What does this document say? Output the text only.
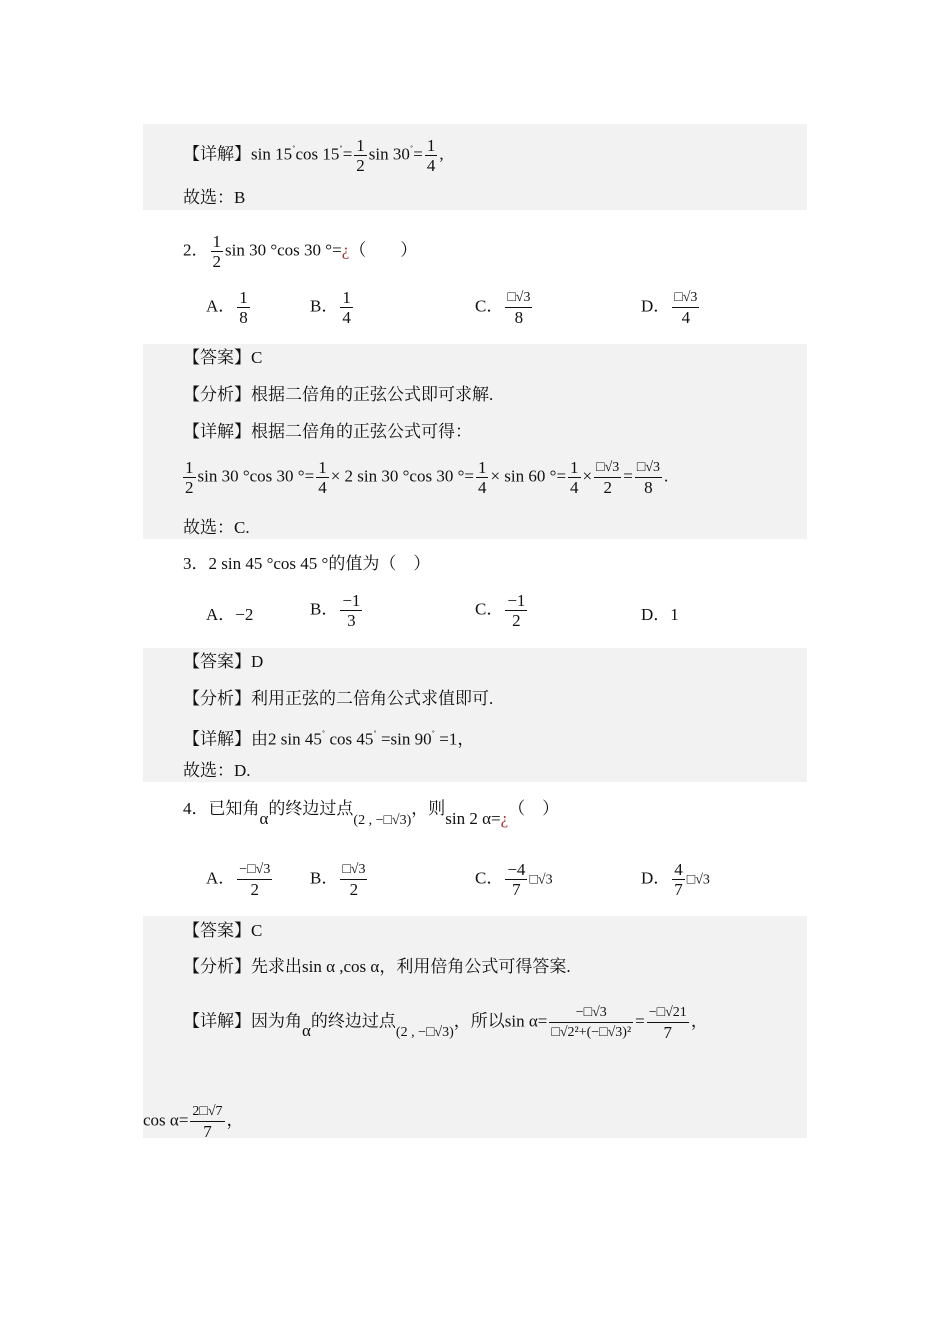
【详解】sin 15˚cos $15^˚= \frac{1}{2}$ $\sin 30^˚= \frac{1}{4}$ ,
故选：B
2． $\frac{1}{2}$ sin 30 °cos 30 °=¿（　　）
A． $\frac{1}{8}$	B． $\frac{1}{4}$	C． $\frac{□√3}{8}$	D． $\frac{□√3}{4}$
【答案】C
【分析】根据二倍角的正弦公式即可求解.
【详解】根据二倍角的正弦公式可得：
$\frac{1}{2}$ sin 30 °cos 30 °= $\frac{1}{4} \times 2$ sin 30 °cos 30 °= $\frac{1}{4} \times \sin 60$ °= $\frac{1}{4} \times \frac{□√3}{2} = \frac{□√3}{8}$ .
故选：C.
3．2 sin 45 °cos 45 °的值为（　）
A．−2	B． $\frac{-1}{3}$	C． $\frac{-1}{2}$	D．1
【答案】D
【分析】利用正弦的二倍角公式求值即可.
【详解】由2 sin 45˚ cos 45˚ =sin 90˚ =1，
故选：D.
4．已知角α的终边过点$_{(2 , -□√3)}$，则sin 2 α=¿（　）
A． $\frac{-□√3}{2}$ B． $\frac{□√3}{2}$	C． $\frac{-4}{7}$ □√3	D． $\frac{4}{7}$ □√3
【答案】C
【分析】先求出sin α ,cos α，利用倍角公式可得答案.
【详解】因为角α的终边过点$_{(2 , -□√3)}$，所以$\sin \alpha= \frac{-□√3}{\text{□√2²+(−□√3)²}} = \frac{-□√21}{7}$ ，
$\cos \alpha= \frac{2□√7}{7}$ ，
